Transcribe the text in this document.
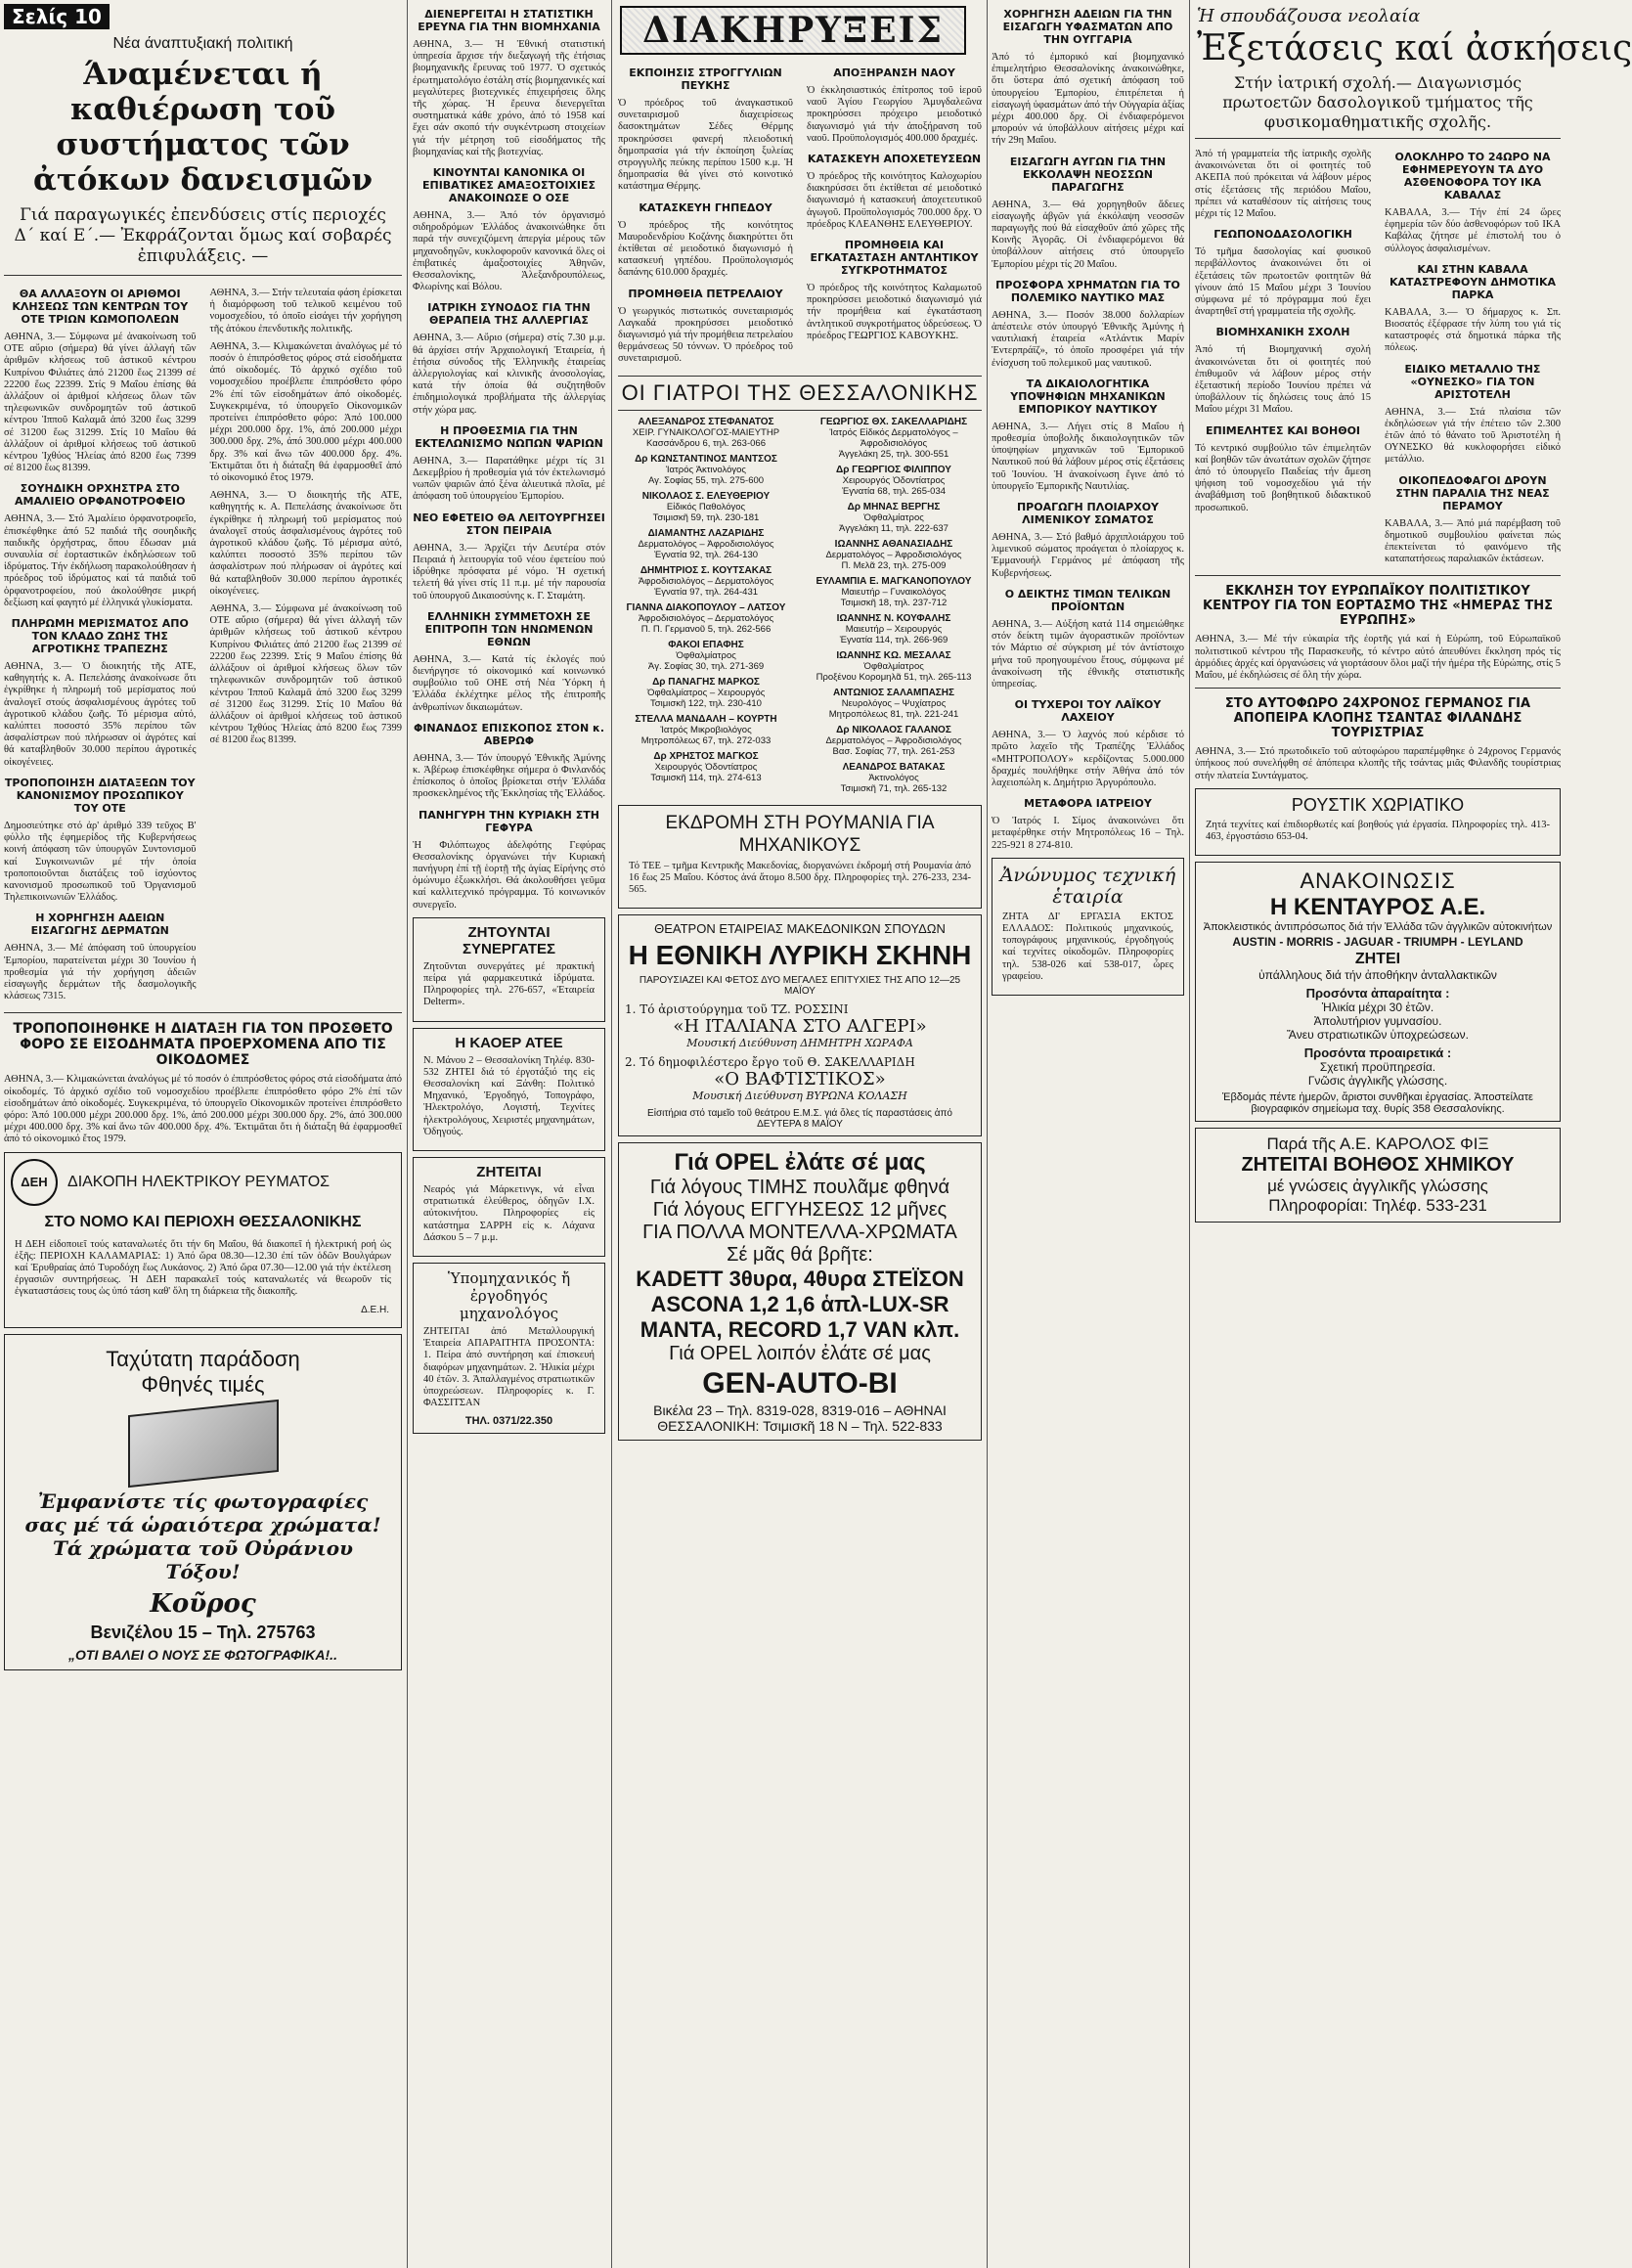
Σελίς 10
Νέα άναπτυξιακή πολιτική
Άναμένεται ή καθιέρωση τοῦ συστήματος τῶν ἀτόκων δανεισμῶν
Γιά παραγωγικές ἐπενδύσεις στίς περιοχές Δ΄ καί Ε΄.— Ἐκφράζονται ὅμως καί σοβαρές ἐπιφυλάξεις. —
ΘΑ ΑΛΛΑΞΟΥΝ ΟΙ ΑΡΙΘΜΟΙ ΚΛΗΣΕΩΣ ΤΩΝ ΚΕΝΤΡΩΝ ΤΟΥ ΟΤΕ ΤΡΙΩΝ ΚΩΜΟΠΟΛΕΩΝ
ΑΘΗΝΑ, 3.— Σύμφωνα μέ ἀνακοίνωση τοῦ ΟΤΕ αὔριο (σήμερα) θά γίνει ἀλλαγή τῶν ἀριθμῶν κλήσεως τοῦ ἀστικοῦ κέντρου Κυπρίνου Φιλιάτες ἀπό 21200 ἕως 21399 σέ 22200 ἕως 22399. Στίς 9 Μαΐου ἐπίσης θά ἀλλάξουν οἱ ἀριθμοί κλήσεως ὅλων τῶν τηλεφωνικῶν συνδρομητῶν τοῦ ἀστικοῦ κέντρου Ἱπποῦ Καλαμᾶ ἀπό 3200 ἕως 3299 σέ 31200 ἕως 31299. Στίς 10 Μαΐου θά ἀλλάξουν οἱ ἀριθμοί κλήσεως τοῦ ἀστικοῦ κέντρου Ἰχθύος Ἠλείας ἀπό 8200 ἕως 7399 σέ 81200 ἕως 81399.
ΣΟΥΗΔΙΚΗ ΟΡΧΗΣΤΡΑ ΣΤΟ ΑΜΑΛΙΕΙΟ ΟΡΦΑΝΟΤΡΟΦΕΙΟ
ΑΘΗΝΑ, 3.— Στό Ἀμαλίειο ὀρφανοτροφεῖο, ἐπισκέφθηκε ἀπό 52 παιδιά τῆς σουηδικῆς παιδικῆς ὀρχήστρας, ὅπου ἔδωσαν μιά συναυλία σέ ἑορταστικῶν ἐκδηλώσεων τοῦ ἱδρύματος. Τήν ἐκδήλωση παρακολούθησαν ἡ πρόεδρος τοῦ ἱδρύματος καί τά παιδιά τοῦ ὀρφανοτροφείου, πού ἀκολούθησε μικρή δεξίωση καί φαγητό μέ ἑλληνικά γλυκίσματα.
ΠΛΗΡΩΜΗ ΜΕΡΙΣΜΑΤΟΣ ΑΠΟ ΤΟΝ ΚΛΑΔΟ ΖΩΗΣ ΤΗΣ ΑΓΡΟΤΙΚΗΣ ΤΡΑΠΕΖΗΣ
ΑΘΗΝΑ, 3.— Ὁ διοικητής τῆς ΑΤΕ, καθηγητής κ. Α. Πεπελάσης ἀνακοίνωσε ὅτι ἐγκρίθηκε ἡ πληρωμή τοῦ μερίσματος πού ἀναλογεῖ στούς ἀσφαλισμένους ἀγρότες τοῦ ἀγροτικοῦ κλάδου ζωῆς. Τό μέρισμα αὐτό, καλύπτει ποσοστό 35% περίπου τῶν ἀσφαλίστρων πού πλήρωσαν οἱ ἀγρότες καί θά καταβληθοῦν 30.000 περίπου ἀγροτικές οἰκογένειες.
ΤΡΟΠΟΠΟΙΗΣΗ ΔΙΑΤΑΞΕΩΝ ΤΟΥ ΚΑΝΟΝΙΣΜΟΥ ΠΡΟΣΩΠΙΚΟΥ ΤΟΥ ΟΤΕ
Δημοσιεύτηκε στό ἀρ' ἀριθμό 339 τεῦχος Β' φύλλο τῆς ἐφημερίδος τῆς Κυβερνήσεως κοινή ἀπόφαση τῶν ὑπουργῶν Συντονισμοῦ καί Συγκοινωνιῶν μέ τήν ὁποία τροποποιοῦνται διατάξεις τοῦ ἰσχύοντος κανονισμοῦ προσωπικοῦ τοῦ Ὀργανισμοῦ Τηλεπικοινωνιῶν Ἑλλάδος.
Η ΧΟΡΗΓΗΣΗ ΑΔΕΙΩΝ ΕΙΣΑΓΩΓΗΣ ΔΕΡΜΑΤΩΝ
ΑΘΗΝΑ, 3.— Μέ ἀπόφαση τοῦ ὑπουργείου Ἐμπορίου, παρατείνεται μέχρι 30 Ἰουνίου ἡ προθεσμία γιά τήν χορήγηση ἀδειῶν εἰσαγωγῆς δερμάτων τῆς δασμολογικῆς κλάσεως 7315.
ΑΘΗΝΑ, 3.— Στήν τελευταία φάση ἐρίσκεται ἡ διαμόρφωση τοῦ τελικοῦ κειμένου τοῦ νομοσχεδίου, τό ὁποῖο εἰσάγει τήν χορήγηση τῆς ἀτόκου ἐπενδυτικῆς πολιτικῆς.
ΑΘΗΝΑ, 3.— Κλιμακώνεται ἀναλόγως μέ τό ποσόν ὁ ἐπιπρόσθετος φόρος στά εἰσοδήματα ἀπό οἰκοδομές. Τό ἀρχικό σχέδιο τοῦ νομοσχεδίου προέβλεπε ἐπιπρόσθετο φόρο 2% ἐπί τῶν εἰσοδημάτων ἀπό οἰκοδομές. Συγκεκριμένα, τό ὑπουργεῖο Οἰκονομικῶν προτείνει ἐπιπρόσθετο φόρο: Ἀπό 100.000 μέχρι 200.000 δρχ. 1%, ἀπό 200.000 μέχρι 300.000 δρχ. 2%, ἀπό 300.000 μέχρι 400.000 δρχ. 3% καί ἄνω τῶν 400.000 δρχ. 4%. Ἐκτιμᾶται ὅτι ἡ διάταξη θά ἐφαρμοσθεῖ ἀπό τό οἰκονομικό ἔτος 1979.
ΑΘΗΝΑ, 3.— Ὁ διοικητής τῆς ΑΤΕ, καθηγητής κ. Α. Πεπελάσης ἀνακοίνωσε ὅτι ἐγκρίθηκε ἡ πληρωμή τοῦ μερίσματος πού ἀναλογεῖ στούς ἀσφαλισμένους ἀγρότες τοῦ ἀγροτικοῦ κλάδου ζωῆς. Τό μέρισμα αὐτό, καλύπτει ποσοστό 35% περίπου τῶν ἀσφαλίστρων πού πλήρωσαν οἱ ἀγρότες καί θά καταβληθοῦν 30.000 περίπου ἀγροτικές οἰκογένειες.
ΑΘΗΝΑ, 3.— Σύμφωνα μέ ἀνακοίνωση τοῦ ΟΤΕ αὔριο (σήμερα) θά γίνει ἀλλαγή τῶν ἀριθμῶν κλήσεως τοῦ ἀστικοῦ κέντρου Κυπρίνου Φιλιάτες ἀπό 21200 ἕως 21399 σέ 22200 ἕως 22399. Στίς 9 Μαΐου ἐπίσης θά ἀλλάξουν οἱ ἀριθμοί κλήσεως ὅλων τῶν τηλεφωνικῶν συνδρομητῶν τοῦ ἀστικοῦ κέντρου Ἱπποῦ Καλαμᾶ ἀπό 3200 ἕως 3299 σέ 31200 ἕως 31299. Στίς 10 Μαΐου θά ἀλλάξουν οἱ ἀριθμοί κλήσεως τοῦ ἀστικοῦ κέντρου Ἰχθύος Ἠλείας ἀπό 8200 ἕως 7399 σέ 81200 ἕως 81399.
ΤΡΟΠΟΠΟΙΗΘΗΚΕ Η ΔΙΑΤΑΞΗ ΓΙΑ ΤΟΝ ΠΡΟΣΘΕΤΟ ΦΟΡΟ ΣΕ ΕΙΣΟΔΗΜΑΤΑ ΠΡΟΕΡΧΟΜΕΝΑ ΑΠΟ ΤΙΣ ΟΙΚΟΔΟΜΕΣ
ΑΘΗΝΑ, 3.— Κλιμακώνεται ἀναλόγως μέ τό ποσόν ὁ ἐπιπρόσθετος φόρος στά εἰσοδήματα ἀπό οἰκοδομές. Τό ἀρχικό σχέδιο τοῦ νομοσχεδίου προέβλεπε ἐπιπρόσθετο φόρο 2% ἐπί τῶν εἰσοδημάτων ἀπό οἰκοδομές. Συγκεκριμένα, τό ὑπουργεῖο Οἰκονομικῶν προτείνει ἐπιπρόσθετο φόρο: Ἀπό 100.000 μέχρι 200.000 δρχ. 1%, ἀπό 200.000 μέχρι 300.000 δρχ. 2%, ἀπό 300.000 μέχρι 400.000 δρχ. 3% καί ἄνω τῶν 400.000 δρχ. 4%. Ἐκτιμᾶται ὅτι ἡ διάταξη θά ἐφαρμοσθεῖ ἀπό τό οἰκονομικό ἔτος 1979.
ΔΕΗ ΔΙΑΚΟΠΗ ΗΛΕΚΤΡΙΚΟΥ ΡΕΥΜΑΤΟΣ
ΣΤΟ ΝΟΜΟ ΚΑΙ ΠΕΡΙΟΧΗ ΘΕΣΣΑΛΟΝΙΚΗΣ
Η ΔΕΗ εἰδοποιεῖ τούς καταναλωτές ὅτι τήν 6η Μαΐου, θά διακοπεῖ ἡ ἠλεκτρική ροή ὡς ἑξῆς: ΠΕΡΙΟΧΗ ΚΑΛΑΜΑΡΙΑΣ: 1) Ἀπό ὥρα 08.30—12.30 ἐπί τῶν ὁδῶν Βουλγάρων καί Ἐρυθραίας ἀπό Τυροδόχη ἕως Λυκάονος. 2) Ἀπό ὥρα 07.30—12.00 γιά τήν ἐκτέλεση ἐργασιῶν συντηρήσεως. Ἡ ΔΕΗ παρακαλεῖ τούς καταναλωτές νά θεωροῦν τίς ἐγκαταστάσεις τους ὡς ὑπό τάση καθ' ὅλη τη διάρκεια τῆς διακοπῆς.
Δ.Ε.Η.
Ταχύτατη παράδοση
Φθηνές τιμές
Ἐμφανίστε τίς φωτογραφίες σας μέ τά ὡραιότερα χρώματα! Τά χρώματα τοῦ Οὐράνιου Τόξου!
Κοῦρος
Βενιζέλου 15 – Τηλ. 275763
„ΟΤΙ ΒΑΛΕΙ Ο ΝΟΥΣ ΣΕ ΦΩΤΟΓΡΑΦΙΚΑ!..
ΔΙΕΝΕΡΓΕΙΤΑΙ Η ΣΤΑΤΙΣΤΙΚΗ ΕΡΕΥΝΑ ΓΙΑ ΤΗΝ ΒΙΟΜΗΧΑΝΙΑ
ΑΘΗΝΑ, 3.— Ἡ Ἐθνική στατιστική ὑπηρεσία ἄρχισε τήν διεξαγωγή τῆς ἐτήσιας βιομηχανικῆς ἔρευνας τοῦ 1977. Ὁ σχετικός ἐρωτηματολόγιο ἐστάλη στίς βιομηχανικές καί μεγαλύτερες βιοτεχνικές ἐπιχειρήσεις ὅλης τῆς χώρας. Ἡ ἔρευνα διενεργεῖται συστηματικά κάθε χρόνο, ἀπό τό 1958 καί ἔχει σάν σκοπό τήν συγκέντρωση στοιχείων γιά τήν μέτρηση τοῦ εἰσοδήματος τῆς βιομηχανίας καί τῆς βιοτεχνίας.
ΚΙΝΟΥΝΤΑΙ ΚΑΝΟΝΙΚΑ ΟΙ ΕΠΙΒΑΤΙΚΕΣ ΑΜΑΞΟΣΤΟΙΧΙΕΣ ΑΝΑΚΟΙΝΩΣΕ Ο ΟΣΕ
ΑΘΗΝΑ, 3.— Ἀπό τόν ὀργανισμό σιδηροδρόμων Ἑλλάδος ἀνακοινώθηκε ὅτι παρά τήν συνεχιζόμενη ἀπεργία μέρους τῶν μηχανοδηγῶν, κυκλοφοροῦν κανονικά ὅλες οἱ ἐπιβατικές ἀμαξοστοιχίες Ἀθηνῶν, Θεσσαλονίκης, Ἀλεξανδρουπόλεως, Φλωρίνης καί Βόλου.
ΙΑΤΡΙΚΗ ΣΥΝΟΔΟΣ ΓΙΑ ΤΗΝ ΘΕΡΑΠΕΙΑ ΤΗΣ ΑΛΛΕΡΓΙΑΣ
ΑΘΗΝΑ, 3.— Αὔριο (σήμερα) στίς 7.30 μ.μ. θά ἀρχίσει στήν Ἀρχαιολογική Ἑταιρεία, ἡ ἐτήσια σύνοδος τῆς Ἑλληνικῆς ἑταιρείας ἀλλεργιολογίας καί κλινικῆς ἀνοσολογίας, κατά τήν ὁποία θά συζητηθοῦν ἐπιδημιολογικά προβλήματα τῆς ἀλλεργίας στήν χώρα μας.
Η ΠΡΟΘΕΣΜΙΑ ΓΙΑ ΤΗΝ ΕΚΤΕΛΩΝΙΣΜΟ ΝΩΠΩΝ ΨΑΡΙΩΝ
ΑΘΗΝΑ, 3.— Παρατάθηκε μέχρι τίς 31 Δεκεμβρίου ἡ προθεσμία γιά τόν ἐκτελωνισμό νωπῶν ψαριῶν ἀπό ξένα ἁλιευτικά πλοῖα, μέ ἀπόφαση τοῦ ὑπουργείου Ἐμπορίου.
ΝΕΟ ΕΦΕΤΕΙΟ ΘΑ ΛΕΙΤΟΥΡΓΗΣΕΙ ΣΤΟΝ ΠΕΙΡΑΙΑ
ΑΘΗΝΑ, 3.— Ἀρχίζει τήν Δευτέρα στόν Πειραιά ἡ λειτουργία τοῦ νέου ἐφετείου πού ἱδρύθηκε πρόσφατα μέ νόμο. Ἡ σχετική τελετή θά γίνει στίς 11 π.μ. μέ τήν παρουσία τοῦ ὑπουργοῦ Δικαιοσύνης κ. Γ. Σταμάτη.
ΕΛΛΗΝΙΚΗ ΣΥΜΜΕΤΟΧΗ ΣΕ ΕΠΙΤΡΟΠΗ ΤΩΝ ΗΝΩΜΕΝΩΝ ΕΘΝΩΝ
ΑΘΗΝΑ, 3.— Κατά τίς ἐκλογές πού διενήργησε τό οἰκονομικό καί κοινωνικό συμβούλιο τοῦ ΟΗΕ στή Νέα Ὑόρκη ἡ Ἑλλάδα ἐκλέχτηκε μέλος τῆς ἐπιτροπῆς ἀνθρωπίνων δικαιωμάτων.
ΦΙΝΑΝΔΟΣ ΕΠΙΣΚΟΠΟΣ ΣΤΟΝ κ. ΑΒΕΡΩΦ
ΑΘΗΝΑ, 3.— Τόν ὑπουργό Ἐθνικῆς Ἀμύνης κ. Ἀβέρωφ ἐπισκέφθηκε σήμερα ὁ Φινλανδός ἐπίσκοπος ὁ ὁποῖος βρίσκεται στήν Ἑλλάδα προσκεκλημένος τῆς Ἐκκλησίας τῆς Ἑλλάδος.
ΠΑΝΗΓΥΡΗ ΤΗΝ ΚΥΡΙΑΚΗ ΣΤΗ ΓΕΦΥΡΑ
Ἡ Φιλόπτωχος ἀδελφότης Γεφύρας Θεσσαλονίκης ὀργανώνει τήν Κυριακή πανήγυρη ἐπί τῇ ἑορτῇ τῆς ἁγίας Εἰρήνης στό ὁμώνυμο ἐξωκκλήσι. Θά ἀκολουθήσει γεῦμα καί καλλιτεχνικό πρόγραμμα. Τό κοινωνικόν συνεργεῖο.
ΖΗΤΟΥΝΤΑΙ ΣΥΝΕΡΓΑΤΕΣ
Ζητοῦνται συνεργάτες μέ πρακτική πείρα γιά φαρμακευτικά ἰδρύματα. Πληροφορίες τηλ. 276-657, «Ἐταιρεία Delterm».
Η ΚΑΟΕΡ ΑΤΕΕ
Ν. Μάνου 2 – Θεσσαλονίκη Τηλέφ. 830-532 ΖΗΤΕΙ διά τό ἐργοτάξιό της εἰς Θεσσαλονίκη καί Ξάνθη: Πολιτικό Μηχανικό, Ἐργοδηγό, Τοπογράφο, Ἠλεκτρολόγο, Λογιστή, Τεχνίτες ἠλεκτρολόγους, Χειριστές μηχανημάτων, Ὀδηγούς.
ΖΗΤΕΙΤΑΙ
Νεαρός γιά Μάρκετινγκ, νά εἶναι στρατιωτικά ἐλεύθερος, ὁδηγῶν Ι.Χ. αὐτοκινήτου. Πληροφορίες εἰς κατάστημα ΣΑΡΡΗ εἰς κ. Λάχανα Δάσκου 5 – 7 μ.μ.
Ὑπομηχανικός ἤ ἐργοδηγός μηχανολόγος
ΖΗΤΕΙΤΑΙ ἀπό Μεταλλουργική Ἑταιρεία ΑΠΑΡΑΙΤΗΤΑ ΠΡΟΣΟΝΤΑ: 1. Πείρα ἀπό συντήρηση καί ἐπισκευή διαφόρων μηχανημάτων. 2. Ἡλικία μέχρι 40 ἐτῶν. 3. Ἀπαλλαγμένος στρατιωτικῶν ὑποχρεώσεων. Πληροφορίες κ. Γ. ΦΑΣΣΙΤΣΑΝ
ΤΗΛ. 0371/22.350
ΔΙΑΚΗΡΥΞΕΙΣ
ΕΚΠΟΙΗΣΙΣ ΣΤΡΟΓΓΥΛΙΩΝ ΠΕΥΚΗΣ
Ὁ πρόεδρος τοῦ ἀναγκαστικοῦ συνεταιρισμοῦ διαχειρίσεως δασοκτημάτων Σέδες Θέρμης προκηρύσσει φανερή πλειοδοτική δημοπρασία γιά τήν ἐκποίηση ξυλείας στρογγυλῆς πεύκης περίπου 1500 κ.μ. Ἡ δημοπρασία θά γίνει στό κοινοτικό κατάστημα Θέρμης.
ΚΑΤΑΣΚΕΥΗ ΓΗΠΕΔΟΥ
Ὁ πρόεδρος τῆς κοινότητος Μαυροδενδρίου Κοζάνης διακηρύττει ὅτι ἐκτίθεται σέ μειοδοτικό διαγωνισμό ἡ κατασκευή γηπέδου. Προϋπολογισμός δαπάνης 610.000 δραχμές.
ΠΡΟΜΗΘΕΙΑ ΠΕΤΡΕΛΑΙΟΥ
Ὁ γεωργικός πιστωτικός συνεταιρισμός Λαγκαδά προκηρύσσει μειοδοτικό διαγωνισμό γιά τήν προμήθεια πετρελαίου θερμάνσεως 50 τόννων. Ὁ πρόεδρος τοῦ συνεταιρισμοῦ.
ΑΠΟΞΗΡΑΝΣΗ ΝΑΟΥ
Ὁ ἐκκλησιαστικός ἐπίτροπος τοῦ ἱεροῦ ναοῦ Ἁγίου Γεωργίου Ἀμυγδαλεῶνα προκηρύσσει πρόχειρο μειοδοτικό διαγωνισμό γιά τήν ἀποξήρανση τοῦ ναοῦ. Προϋπολογισμός 400.000 δραχμές.
ΚΑΤΑΣΚΕΥΗ ΑΠΟΧΕΤΕΥΣΕΩΝ
Ὁ πρόεδρος τῆς κοινότητος Καλοχωρίου διακηρύσσει ὅτι ἐκτίθεται σέ μειοδοτικό διαγωνισμό ἡ κατασκευή ἀποχετευτικοῦ ἀγωγοῦ. Προϋπολογισμός 700.000 δρχ. Ὁ πρόεδρος ΚΛΕΑΝΘΗΣ ΕΛΕΥΘΕΡΙΟΥ.
ΠΡΟΜΗΘΕΙΑ ΚΑΙ ΕΓΚΑΤΑΣΤΑΣΗ ΑΝΤΛΗΤΙΚΟΥ ΣΥΓΚΡΟΤΗΜΑΤΟΣ
Ὁ πρόεδρος τῆς κοινότητος Καλαμωτοῦ προκηρύσσει μειοδοτικό διαγωνισμό γιά τήν προμήθεια καί ἐγκατάσταση ἀντλητικοῦ συγκροτήματος ὑδρεύσεως. Ὁ πρόεδρος ΓΕΩΡΓΙΟΣ ΚΑΒΟΥΚΗΣ.
ΟΙ ΓΙΑΤΡΟΙ ΤΗΣ ΘΕΣΣΑΛΟΝΙΚΗΣ
ΑΛΕΞΑΝΔΡΟΣ ΣΤΕΦΑΝΑΤΟΣ
ΧΕΙΡ. ΓΥΝΑΙΚΟΛΟΓΟΣ-ΜΑΙΕΥΤΗΡ
Κασσάνδρου 6, τηλ. 263-066
Δρ ΚΩΝΣΤΑΝΤΙΝΟΣ ΜΑΝΤΣΟΣ
Ἰατρός Ἀκτινολόγος
Αγ. Σοφίας 55, τηλ. 275-600
ΝΙΚΟΛΑΟΣ Σ. ΕΛΕΥΘΕΡΙΟΥ
Εἰδικός Παθολόγος
Τσιμισκῆ 59, τηλ. 230-181
ΔΙΑΜΑΝΤΗΣ ΛΑΖΑΡΙΔΗΣ
Δερματολόγος – Ἀφροδισιολόγος
Ἐγνατία 92, τηλ. 264-130
ΔΗΜΗΤΡΙΟΣ Σ. ΚΟΥΤΣΑΚΑΣ
Ἀφροδισιολόγος – Δερματολόγος
Ἐγνατία 97, τηλ. 264-431
ΓΙΑΝΝΑ ΔΙΑΚΟΠΟΥΛΟΥ – ΛΑΤΣΟΥ
Ἀφροδισιολόγος – Δερματολόγος
Π. Π. Γερμανοῦ 5, τηλ. 262-566
ΦΑΚΟΙ ΕΠΑΦΗΣ
Ὀφθαλμίατρος
Ἀγ. Σοφίας 30, τηλ. 271-369
Δρ ΠΑΝΑΓΗΣ ΜΑΡΚΟΣ
Ὀφθαλμίατρος – Χειρουργός
Τσιμισκῆ 122, τηλ. 230-410
ΣΤΕΛΛΑ ΜΑΝΔΑΛΗ – ΚΟΥΡΤΗ
Ἰατρός Μικροβιολόγος
Μητροπόλεως 67, τηλ. 272-033
Δρ ΧΡΗΣΤΟΣ ΜΑΓΚΟΣ
Χειρουργός Ὀδοντίατρος
Τσιμισκῆ 114, τηλ. 274-613
ΓΕΩΡΓΙΟΣ ΘΧ. ΣΑΚΕΛΛΑΡΙΔΗΣ
Ἰατρός Εἰδικός Δερματολόγος – Ἀφροδισιολόγος
Ἀγγελάκη 25, τηλ. 300-551
Δρ ΓΕΩΡΓΙΟΣ ΦΙΛΙΠΠΟΥ
Χειρουργός Ὀδοντίατρος
Ἐγνατία 68, τηλ. 265-034
Δρ ΜΗΝΑΣ ΒΕΡΓΗΣ
Ὀφθαλμίατρος
Ἀγγελάκη 11, τηλ. 222-637
ΙΩΑΝΝΗΣ ΑΘΑΝΑΣΙΑΔΗΣ
Δερματολόγος – Ἀφροδισιολόγος
Π. Μελᾶ 23, τηλ. 275-009
ΕΥΛΑΜΠΙΑ Ε. ΜΑΓΚΑΝΟΠΟΥΛΟΥ
Μαιευτήρ – Γυναικολόγος
Τσιμισκῆ 18, τηλ. 237-712
ΙΩΑΝΝΗΣ Ν. ΚΟΥΦΑΛΗΣ
Μαιευτήρ – Χειρουργός
Ἐγνατία 114, τηλ. 266-969
ΙΩΑΝΝΗΣ ΚΩ. ΜΕΣΑΛΑΣ
Ὀφθαλμίατρος
Προξένου Κορομηλᾶ 51, τηλ. 265-113
ΑΝΤΩΝΙΟΣ ΣΑΛΑΜΠΑΣΗΣ
Νευρολόγος – Ψυχίατρος
Μητροπόλεως 81, τηλ. 221-241
Δρ ΝΙΚΟΛΑΟΣ ΓΑΛΑΝΟΣ
Δερματολόγος – Ἀφροδισιολόγος
Βασ. Σοφίας 77, τηλ. 261-253
ΛΕΑΝΔΡΟΣ ΒΑΤΑΚΑΣ
Ἀκτινολόγος
Τσιμισκῆ 71, τηλ. 265-132
ΕΚΔΡΟΜΗ ΣΤΗ ΡΟΥΜΑΝΙΑ ΓΙΑ ΜΗΧΑΝΙΚΟΥΣ
Τό ΤΕΕ – τμῆμα Κεντρικῆς Μακεδονίας, διοργανώνει ἐκδρομή στή Ρουμανία ἀπό 16 ἕως 25 Μαΐου. Κόστος ἀνά ἄτομο 8.500 δρχ. Πληροφορίες τηλ. 276-233, 234-565.
ΘΕΑΤΡΟΝ ΕΤΑΙΡΕΙΑΣ ΜΑΚΕΔΟΝΙΚΩΝ ΣΠΟΥΔΩΝ
Η ΕΘΝΙΚΗ ΛΥΡΙΚΗ ΣΚΗΝΗ
ΠΑΡΟΥΣΙΑΖΕΙ ΚΑΙ ΦΕΤΟΣ ΔΥΟ ΜΕΓΑΛΕΣ ΕΠΙΤΥΧΙΕΣ ΤΗΣ ΑΠΟ 12—25 ΜΑΪΟΥ
1. Τό ἀριστούργημα τοῦ ΤΖ. ΡΟΣΣΙΝΙ
«Η ΙΤΑΛΙΑΝΑ ΣΤΟ ΑΛΓΕΡΙ»
Μουσική Διεύθυνση ΔΗΜΗΤΡΗ ΧΩΡΑΦΑ
2. Τό δημοφιλέστερο ἔργο τοῦ Θ. ΣΑΚΕΛΛΑΡΙΔΗ
«Ο ΒΑΦΤΙΣΤΙΚΟΣ»
Μουσική Διεύθυνση ΒΥΡΩΝΑ ΚΟΛΑΣΗ
Εἰσιτήρια στό ταμεῖο τοῦ θεάτρου Ε.Μ.Σ. γιά ὅλες τίς παραστάσεις ἀπό ΔΕΥΤΕΡΑ 8 ΜΑΪΟΥ
Γιά OPEL ἐλάτε σέ μας
Γιά λόγους ΤΙΜΗΣ πουλᾶμε φθηνά
Γιά λόγους ΕΓΓΥΗΣΕΩΣ 12 μῆνες
ΓΙΑ ΠΟΛΛΑ ΜΟΝΤΕΛΛΑ-ΧΡΩΜΑΤΑ
Σέ μᾶς θά βρῆτε:
KADETT 3θυρα, 4θυρα ΣΤΕΪΣΟΝ
ASCONA 1,2 1,6 ἁπλ-LUX-SR
MANTA, RECORD 1,7 VAN κλπ.
Γιά OPEL λοιπόν ἐλάτε σέ μας
GEN-AUTO-BI
Βικέλα 23 – Τηλ. 8319-028, 8319-016 – ΑΘΗΝΑΙ
ΘΕΣΣΑΛΟΝΙΚΗ: Τσιμισκῆ 18 Ν – Τηλ. 522-833
ΧΟΡΗΓΗΣΗ ΑΔΕΙΩΝ ΓΙΑ ΤΗΝ ΕΙΣΑΓΩΓΗ ΥΦΑΣΜΑΤΩΝ ΑΠΟ ΤΗΝ ΟΥΓΓΑΡΙΑ
Ἀπό τό ἐμπορικό καί βιομηχανικό ἐπιμελητήριο Θεσσαλονίκης ἀνακοινώθηκε, ὅτι ὕστερα ἀπό σχετική ἀπόφαση τοῦ ὑπουργείου Ἐμπορίου, ἐπιτρέπεται ἡ εἰσαγωγή ὑφασμάτων ἀπό τήν Οὐγγαρία ἀξίας μέχρι 400.000 δρχ. Οἱ ἐνδιαφερόμενοι μπορούν νά ὑποβάλλουν αἰτήσεις μέχρι καί τήν 29η Μαΐου.
ΕΙΣΑΓΩΓΗ ΑΥΓΩΝ ΓΙΑ ΤΗΝ ΕΚΚΟΛΑΨΗ ΝΕΟΣΣΩΝ ΠΑΡΑΓΩΓΗΣ
ΑΘΗΝΑ, 3.— Θά χορηγηθοῦν ἄδειες εἰσαγωγῆς ἀβγῶν γιά ἐκκόλαψη νεοσσῶν παραγωγῆς πού θά εἰσαχθοῦν ἀπό χῶρες τῆς Κοινῆς Ἀγορᾶς. Οἱ ἐνδιαφερόμενοι θά ὑποβάλλουν αἰτήσεις στό ὑπουργεῖο Ἐμπορίου μέχρι τίς 20 Μαΐου.
ΠΡΟΣΦΟΡΑ ΧΡΗΜΑΤΩΝ ΓΙΑ ΤΟ ΠΟΛΕΜΙΚΟ ΝΑΥΤΙΚΟ ΜΑΣ
ΑΘΗΝΑ, 3.— Ποσόν 38.000 δολλαρίων ἀπέστειλε στόν ὑπουργό Ἐθνικῆς Ἀμύνης ἡ ναυτιλιακή ἑταιρεία «Ατλάντικ Μαρίν Ἐντερπράϊζ», τό ὁποῖο προσφέρει γιά τήν ἐνίσχυση τοῦ πολεμικοῦ μας ναυτικοῦ.
ΤΑ ΔΙΚΑΙΟΛΟΓΗΤΙΚΑ ΥΠΟΨΗΦΙΩΝ ΜΗΧΑΝΙΚΩΝ ΕΜΠΟΡΙΚΟΥ ΝΑΥΤΙΚΟΥ
ΑΘΗΝΑ, 3.— Λήγει στίς 8 Μαΐου ἡ προθεσμία ὑποβολῆς δικαιολογητικῶν τῶν ὑποψηφίων μηχανικῶν τοῦ Ἐμπορικοῦ Ναυτικοῦ πού θά λάβουν μέρος στίς ἐξετάσεις τοῦ Ἰουνίου. Ἡ ἀνακοίνωση ἔγινε ἀπό τό ὑπουργεῖο Ἐμπορικῆς Ναυτιλίας.
ΠΡΟΑΓΩΓΗ ΠΛΟΙΑΡΧΟΥ ΛΙΜΕΝΙΚΟΥ ΣΩΜΑΤΟΣ
ΑΘΗΝΑ, 3.— Στό βαθμό ἀρχιπλοιάρχου τοῦ λιμενικοῦ σώματος προάγεται ὁ πλοίαρχος κ. Ἐμμανουήλ Γερμάνος μέ ἀπόφαση τῆς Κυβερνήσεως.
Ο ΔΕΙΚΤΗΣ ΤΙΜΩΝ ΤΕΛΙΚΩΝ ΠΡΟΪΟΝΤΩΝ
ΑΘΗΝΑ, 3.— Αὐξήση κατά 114 σημειώθηκε στόν δείκτη τιμῶν ἀγοραστικῶν προϊόντων τόν Μάρτιο σέ σύγκριση μέ τόν ἀντίστοιχο μήνα τοῦ προηγουμένου ἔτους, σύμφωνα μέ ἀνακοίνωση τῆς ἐθνικῆς στατιστικῆς ὑπηρεσίας.
ΟΙ ΤΥΧΕΡΟΙ ΤΟΥ ΛΑΪΚΟΥ ΛΑΧΕΙΟΥ
ΑΘΗΝΑ, 3.— Ὁ λαχνός πού κέρδισε τό πρῶτο λαχεῖο τῆς Τραπέζης Ἑλλάδος «ΜΗΤΡΟΠΟΛΟΥ» κερδίζοντας 5.000.000 δραχμές πουλήθηκε στήν Ἀθήνα ἀπό τόν λαχειοπώλη κ. Δημήτριο Ἀργυρόπουλο.
ΜΕΤΑΦΟΡΑ ΙΑΤΡΕΙΟΥ
Ὁ Ἰατρός Ι. Σίμος ἀνακοινώνει ὅτι μεταφέρθηκε στήν Μητροπόλεως 16 – Τηλ. 225-921 8 274-810.
Ἀνώνυμος τεχνική ἑταιρία
ΖΗΤΑ ΔΙ' ΕΡΓΑΣΙΑ ΕΚΤΟΣ ΕΛΛΑΔΟΣ: Πολιτικούς μηχανικούς, τοπογράφους μηχανικούς, ἐργοδηγούς καί τεχνίτες οἰκοδομῶν. Πληροφορίες τηλ. 538-026 καί 538-017, ὧρες γραφείου.
Ἡ σπουδάζουσα νεολαία
Ἐξετάσεις καί ἀσκήσεις
Στήν ἰατρική σχολή.— Διαγωνισμός πρωτοετῶν δασολογικοῦ τμήματος τῆς φυσικομαθηματικῆς σχολῆς.
Ἀπό τή γραμματεία τῆς ἰατρικῆς σχολῆς ἀνακοινώνεται ὅτι οἱ φοιτητές τοῦ ΑΚΕΠΑ πού πρόκειται νά λάβουν μέρος στίς ἐξετάσεις τῆς περιόδου Μαΐου, πρέπει νά καταθέσουν τίς αἰτήσεις τους μέχρι τίς 12 Μαΐου.
ΓΕΩΠΟΝΟΔΑΣΟΛΟΓΙΚΗ
Τό τμῆμα δασολογίας καί φυσικοῦ περιβάλλοντος ἀνακοινώνει ὅτι οἱ ἐξετάσεις τῶν πρωτοετῶν φοιτητῶν θά γίνουν ἀπό 15 Μαΐου μέχρι 3 Ἰουνίου σύμφωνα μέ τό πρόγραμμα πού ἔχει ἀναρτηθεῖ στή γραμματεία τῆς σχολῆς.
ΒΙΟΜΗΧΑΝΙΚΗ ΣΧΟΛΗ
Ἀπό τή Βιομηχανική σχολή ἀνακοινώνεται ὅτι οἱ φοιτητές πού ἐπιθυμοῦν νά λάβουν μέρος στήν ἐξεταστική περίοδο Ἰουνίου πρέπει νά ὑποβάλλουν τίς δηλώσεις τους ἀπό 15 Μαΐου μέχρι 31 Μαΐου.
ΕΠΙΜΕΛΗΤΕΣ ΚΑΙ ΒΟΗΘΟΙ
Τό κεντρικό συμβούλιο τῶν ἐπιμελητῶν καί βοηθῶν τῶν ἀνωτάτων σχολῶν ζήτησε ἀπό τό ὑπουργεῖο Παιδείας τήν ἄμεση ψήφιση τοῦ νομοσχεδίου γιά τήν ἀναβάθμιση τοῦ βοηθητικοῦ διδακτικοῦ προσωπικοῦ.
ΟΛΟΚΛΗΡΟ ΤΟ 24ΩΡΟ ΝΑ ΕΦΗΜΕΡΕΥΟΥΝ ΤΑ ΔΥΟ ΑΣΘΕΝΟΦΟΡΑ ΤΟΥ ΙΚΑ ΚΑΒΑΛΑΣ
ΚΑΒΑΛΑ, 3.— Τήν ἐπί 24 ὥρες ἐφημερία τῶν δύο ἀσθενοφόρων τοῦ ΙΚΑ Καβάλας ζήτησε μέ ἐπιστολή του ὁ σύλλογος ἀσφαλισμένων.
ΚΑΙ ΣΤΗΝ ΚΑΒΑΛΑ ΚΑΤΑΣΤΡΕΦΟΥΝ ΔΗΜΟΤΙΚΑ ΠΑΡΚΑ
ΚΑΒΑΛΑ, 3.— Ὁ δήμαρχος κ. Σπ. Βιοσατός ἐξέφρασε τήν λύπη του γιά τίς καταστροφές στά δημοτικά πάρκα τῆς πόλεως.
ΕΙΔΙΚΟ ΜΕΤΑΛΛΙΟ ΤΗΣ «ΟΥΝΕΣΚΟ» ΓΙΑ ΤΟΝ ΑΡΙΣΤΟΤΕΛΗ
ΑΘΗΝΑ, 3.— Στά πλαίσια τῶν ἐκδηλώσεων γιά τήν ἐπέτειο τῶν 2.300 ἐτῶν ἀπό τό θάνατο τοῦ Ἀριστοτέλη ἡ ΟΥΝΕΣΚΟ θά κυκλοφορήσει εἰδικό μετάλλιο.
ΟΙΚΟΠΕΔΟΦΑΓΟΙ ΔΡΟΥΝ ΣΤΗΝ ΠΑΡΑΛΙΑ ΤΗΣ ΝΕΑΣ ΠΕΡΑΜΟΥ
ΚΑΒΑΛΑ, 3.— Ἀπό μιά παρέμβαση τοῦ δημοτικοῦ συμβουλίου φαίνεται πώς ἐπεκτείνεται τό φαινόμενο τῆς καταπατήσεως παραλιακῶν ἐκτάσεων.
ΕΚΚΛΗΣΗ ΤΟΥ ΕΥΡΩΠΑΪΚΟΥ ΠΟΛΙΤΙΣΤΙΚΟΥ ΚΕΝΤΡΟΥ ΓΙΑ ΤΟΝ ΕΟΡΤΑΣΜΟ ΤΗΣ «ΗΜΕΡΑΣ ΤΗΣ ΕΥΡΩΠΗΣ»
ΑΘΗΝΑ, 3.— Μέ τήν εὐκαιρία τῆς ἐορτῆς γιά καί ἡ Εὐρώπη, τοῦ Εὐρωπαϊκοῦ πολιτιστικοῦ κέντρου τῆς Παρασκευῆς, τό κέντρο αὐτό ἀπευθύνει ἔκκληση πρός τίς ἁρμόδιες ἀρχές καί ὀργανώσεις νά γιορτάσουν ὅλοι μαζί τήν ἡμέρα τῆς Εὐρώπης, στίς 5 Μαΐου, μέ ἐκδηλώσεις σέ ὅλη τήν χώρα.
ΣΤΟ ΑΥΤΟΦΩΡΟ 24ΧΡΟΝΟΣ ΓΕΡΜΑΝΟΣ ΓΙΑ ΑΠΟΠΕΙΡΑ ΚΛΟΠΗΣ ΤΣΑΝΤΑΣ ΦΙΛΑΝΔΗΣ ΤΟΥΡΙΣΤΡΙΑΣ
ΑΘΗΝΑ, 3.— Στό πρωτοδικεῖο τοῦ αὐτοφώρου παραπέμφθηκε ὁ 24χρονος Γερμανός ὑπήκοος πού συνελήφθη σέ ἀπόπειρα κλοπῆς τῆς τσάντας μιᾶς Φιλανδῆς τουρίστριας στήν πλατεία Συντάγματος.
ΡΟΥΣΤΙΚ ΧΩΡΙΑΤΙΚΟ
Ζητά τεχνίτες καί ἐπιδιορθωτές καί βοηθούς γιά ἐργασία. Πληροφορίες τηλ. 413-463, ἐργοστάσιο 653-04.
ΑΝΑΚΟΙΝΩΣΙΣ
Η ΚΕΝΤΑΥΡΟΣ Α.Ε.
Ἀποκλειστικός ἀντιπρόσωπος διά τήν Ἑλλάδα τῶν ἀγγλικῶν αὐτοκινήτων
AUSTIN - MORRIS - JAGUAR - TRIUMPH - LEYLAND
ΖΗΤΕΙ
ὑπάλληλους διά τήν ἀποθήκην ἀνταλλακτικῶν
Προσόντα ἀπαραίτητα :
Ἡλικία μέχρι 30 ἐτῶν.
Ἀπολυτήριον γυμνασίου.
Ἄνευ στρατιωτικῶν ὑποχρεώσεων.
Προσόντα προαιρετικά :
Σχετική προϋπηρεσία.
Γνῶσις ἀγγλικῆς γλώσσης.
Ἐβδομάς πέντε ἡμερῶν, ἄριστοι συνθῆκαι ἐργασίας. Ἀποστείλατε βιογραφικόν σημείωμα ταχ. θυρίς 358 Θεσσαλονίκης.
Παρά τῆς Α.Ε. ΚΑΡΟΛΟΣ ΦΙΞ
ΖΗΤΕΙΤΑΙ ΒΟΗΘΟΣ ΧΗΜΙΚΟΥ
μέ γνώσεις ἀγγλικῆς γλώσσης
Πληροφορίαι: Τηλέφ. 533-231
